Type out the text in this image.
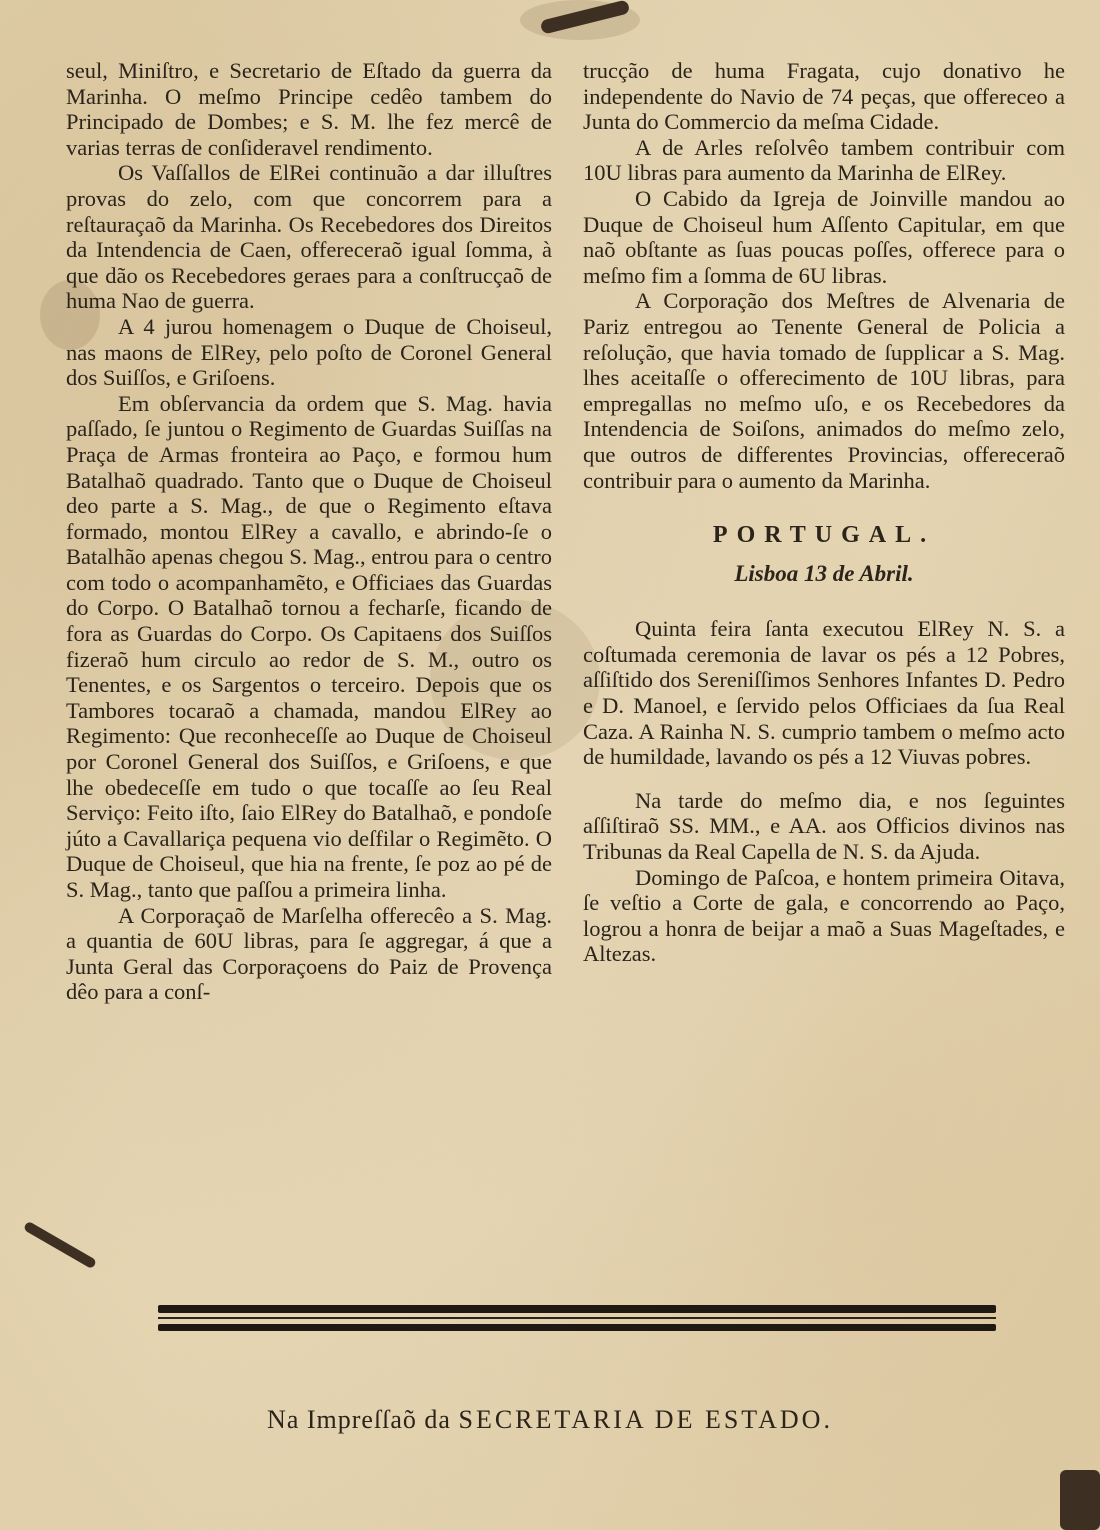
seul, Miniſtro, e Secretario de Eſtado da guerra da Marinha. O meſmo Principe cedêo tambem do Principado de Dombes; e S. M. lhe fez mercê de varias terras de conſideravel rendimento.

Os Vaſſallos de ElRei continuão a dar illuſtres provas do zelo, com que concorrem para a reſtauraçaõ da Marinha. Os Recebedores dos Direitos da Intendencia de Caen, offereceraõ igual ſomma, à que dão os Recebedores geraes para a conſtrucçaõ de huma Nao de guerra.

A 4 jurou homenagem o Duque de Choiseul, nas maons de ElRey, pelo poſto de Coronel General dos Suiſſos, e Griſoens.

Em obſervancia da ordem que S. Mag. havia paſſado, ſe juntou o Regimento de Guardas Suiſſas na Praça de Armas fronteira ao Paço, e formou hum Batalhaõ quadrado. Tanto que o Duque de Choiseul deo parte a S. Mag., de que o Regimento eſtava formado, montou ElRey a cavallo, e abrindo-ſe o Batalhão apenas chegou S. Mag., entrou para o centro com todo o acompanhamẽto, e Officiaes das Guardas do Corpo. O Batalhaõ tornou a fecharſe, ficando de fora as Guardas do Corpo. Os Capitaens dos Suiſſos fizeraõ hum circulo ao redor de S. M., outro os Tenentes, e os Sargentos o terceiro. Depois que os Tambores tocaraõ a chamada, mandou ElRey ao Regimento: Que reconheceſſe ao Duque de Choiseul por Coronel General dos Suiſſos, e Griſoens, e que lhe obedeceſſe em tudo o que tocaſſe ao ſeu Real Serviço: Feito iſto, ſaio ElRey do Batalhaõ, e pondoſe júto a Cavallariça pequena vio deſfilar o Regimẽto. O Duque de Choiseul, que hia na frente, ſe poz ao pé de S. Mag., tanto que paſſou a primeira linha.

A Corporaçaõ de Marſelha offerecêo a S. Mag. a quantia de 60U libras, para ſe aggregar, á que a Junta Geral das Corporaçoens do Paiz de Provença dêo para a conſ-

trucção de huma Fragata, cujo donativo he independente do Navio de 74 peças, que offereceo a Junta do Commercio da meſma Cidade.

A de Arles reſolvêo tambem contribuir com 10U libras para aumento da Marinha de ElRey.

O Cabido da Igreja de Joinville mandou ao Duque de Choiseul hum Aſſento Capitular, em que naõ obſtante as ſuas poucas poſſes, offerece para o meſmo fim a ſomma de 6U libras.

A Corporação dos Meſtres de Alvenaria de Pariz entregou ao Tenente General de Policia a reſolução, que havia tomado de ſupplicar a S. Mag. lhes aceitaſſe o offerecimento de 10U libras, para empregallas no meſmo uſo, e os Recebedores da Intendencia de Soiſons, animados do meſmo zelo, que outros de differentes Provincias, offereceraõ contribuir para o aumento da Marinha.

PORTUGAL.
Lisboa 13 de Abril.

Quinta feira ſanta executou ElRey N. S. a coſtumada ceremonia de lavar os pés a 12 Pobres, aſſiſtido dos Sereniſſimos Senhores Infantes D. Pedro e D. Manoel, e ſervido pelos Officiaes da ſua Real Caza. A Rainha N. S. cumprio tambem o meſmo acto de humildade, lavando os pés a 12 Viuvas pobres.

Na tarde do meſmo dia, e nos ſeguintes aſſiſtiraõ SS. MM., e AA. aos Officios divinos nas Tribunas da Real Capella de N. S. da Ajuda.

Domingo de Paſcoa, e hontem primeira Oitava, ſe veſtio a Corte de gala, e concorrendo ao Paço, logrou a honra de beijar a maõ a Suas Mageſtades, e Altezas.

Na Impreſſaõ da SECRETARIA DE ESTADO.
